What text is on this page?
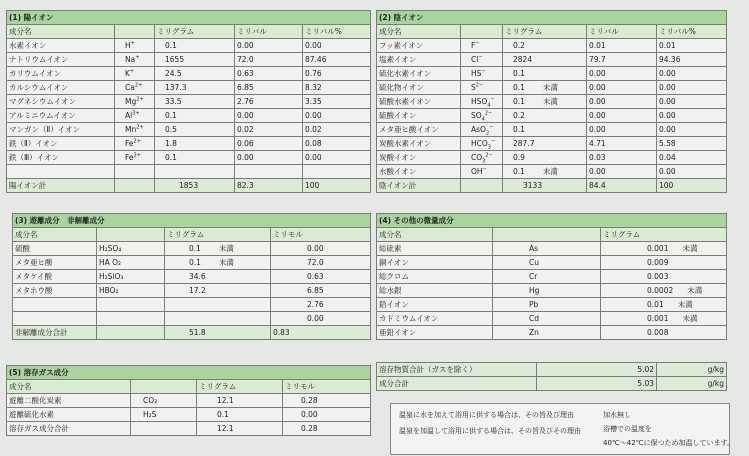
(1) 陽イオン				
成分名		ミリグラム	ミリバル	ミリバル%
水素イオン	H+	0.1	0.00	0.00
ナトリウムイオン	Na+	1655	72.0	87.46
カリウムイオン	K+	24.5	0.63	0.76
カルシウムイオン	$Ca^{2+}$	137.3	6.85	8.32
マグネシウムイオン	$Mg^{2+}$	33.5	2.76	3.35
アルミニウムイオン	$Al^{3+}$	0.1	0.00	0.00
マンガン（Ⅱ）イオン	$Mn^{2+}$	0.5	0.02	0.02
鉄（Ⅱ）イオン	$Fe^{2+}$	1.8	0.06	0.08
鉄（Ⅲ）イオン	$Fe^{3+}$	0.1	0.00	0.00

陽イオン計		1853	82.3	100
(2) 陰イオン				
成分名		ミリグラム	ミリバル	ミリバル%
フッ素イオン	F−	0.2	0.01	0.01
塩素イオン	Cl−	2824	79.7	94.36
硫化水素イオン	HS−	0.1	0.00	0.00
硫化物イオン	$S^{2-}$	0.1 未満	0.00	0.00
硫酸水素イオン	$HSO_4^-$	0.1 未満	0.00	0.00
硫酸イオン	$SO_4^{2-}$	0.2	0.00	0.00
メタ亜ヒ酸イオン	AsO$_2$−	0.1	0.00	0.00
炭酸水素イオン	$HCO_3^-$	287.7	4.71	5.58
炭酸イオン	$CO_3^{2-}$	0.9	0.03	0.04
水酸イオン	OH−	0.1 未満	0.00	0.00
陰イオン計		3133	84.4	100
(3) 遊離成分　非解離成分			
成分名		ミリグラム	ミリモル
硫酸	H₂SO₄	0.1 未満	0.00
メタ亜ヒ酸	HA O₂	0.1 未満	72.0
メタケイ酸	H₂SiO₃	34.6	0.63
メタホウ酸	HBO₂	17.2	6.85
			2.76
			0.00
非解離成分合計		51.8	0.83
(4) その他の微量成分		
成分名		ミリグラム
総砒素	As	0.001 未満
銅イオン	Cu	0.009
総クロム	Cr	0.003
総水銀	Hg	0.0002 未満
鉛イオン	Pb	0.01 未満
カドミウムイオン	Cd	0.001 未満
亜鉛イオン	Zn	0.008
(5) 溶存ガス成分			
成分名		ミリグラム	ミリモル
遊離二酸化炭素	CO₂	12.1	0.28
遊離硫化水素	H₂S	0.1	0.00
溶存ガス成分合計		12.1	0.28
溶存物質合計（ガスを除く）	5.02	g/kg
成分合計	5.03	g/kg
温泉に水を加えて浴用に供する場合は、その旨及び理由
温泉を加温して浴用に供する場合は、その旨及びその理由
加水無し
浴槽での温度を
40℃～42℃に保つため加温しています。
